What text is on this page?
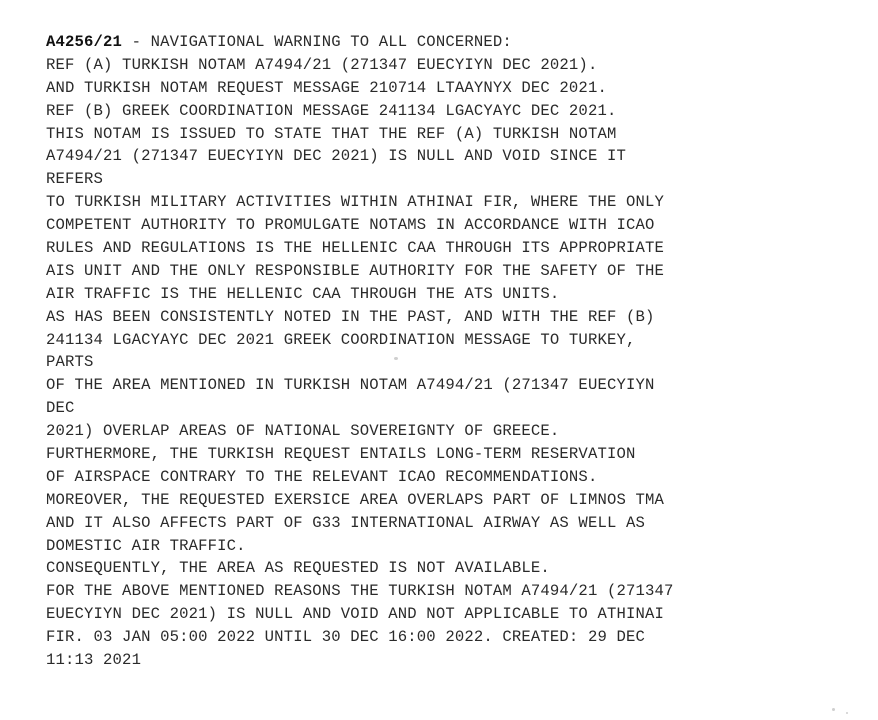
A4256/21 - NAVIGATIONAL WARNING TO ALL CONCERNED:
REF (A) TURKISH NOTAM A7494/21 (271347 EUECYIYN DEC 2021).
AND TURKISH NOTAM REQUEST MESSAGE 210714 LTAAYNYX DEC 2021.
REF (B) GREEK COORDINATION MESSAGE 241134 LGACYAYC DEC 2021.
THIS NOTAM IS ISSUED TO STATE THAT THE REF (A) TURKISH NOTAM
A7494/21 (271347 EUECYIYN DEC 2021) IS NULL AND VOID SINCE IT
REFERS
TO TURKISH MILITARY ACTIVITIES WITHIN ATHINAI FIR, WHERE THE ONLY
COMPETENT AUTHORITY TO PROMULGATE NOTAMS IN ACCORDANCE WITH ICAO
RULES AND REGULATIONS IS THE HELLENIC CAA THROUGH ITS APPROPRIATE
AIS UNIT AND THE ONLY RESPONSIBLE AUTHORITY FOR THE SAFETY OF THE
AIR TRAFFIC IS THE HELLENIC CAA THROUGH THE ATS UNITS.
AS HAS BEEN CONSISTENTLY NOTED IN THE PAST, AND WITH THE REF (B)
241134 LGACYAYC DEC 2021 GREEK COORDINATION MESSAGE TO TURKEY,
PARTS
OF THE AREA MENTIONED IN TURKISH NOTAM A7494/21 (271347 EUECYIYN
DEC
2021) OVERLAP AREAS OF NATIONAL SOVEREIGNTY OF GREECE.
FURTHERMORE, THE TURKISH REQUEST ENTAILS LONG-TERM RESERVATION
OF AIRSPACE CONTRARY TO THE RELEVANT ICAO RECOMMENDATIONS.
MOREOVER, THE REQUESTED EXERSICE AREA OVERLAPS PART OF LIMNOS TMA
AND IT ALSO AFFECTS PART OF G33 INTERNATIONAL AIRWAY AS WELL AS
DOMESTIC AIR TRAFFIC.
CONSEQUENTLY, THE AREA AS REQUESTED IS NOT AVAILABLE.
FOR THE ABOVE MENTIONED REASONS THE TURKISH NOTAM A7494/21 (271347
EUECYIYN DEC 2021) IS NULL AND VOID AND NOT APPLICABLE TO ATHINAI
FIR. 03 JAN 05:00 2022 UNTIL 30 DEC 16:00 2022. CREATED: 29 DEC
11:13 2021
